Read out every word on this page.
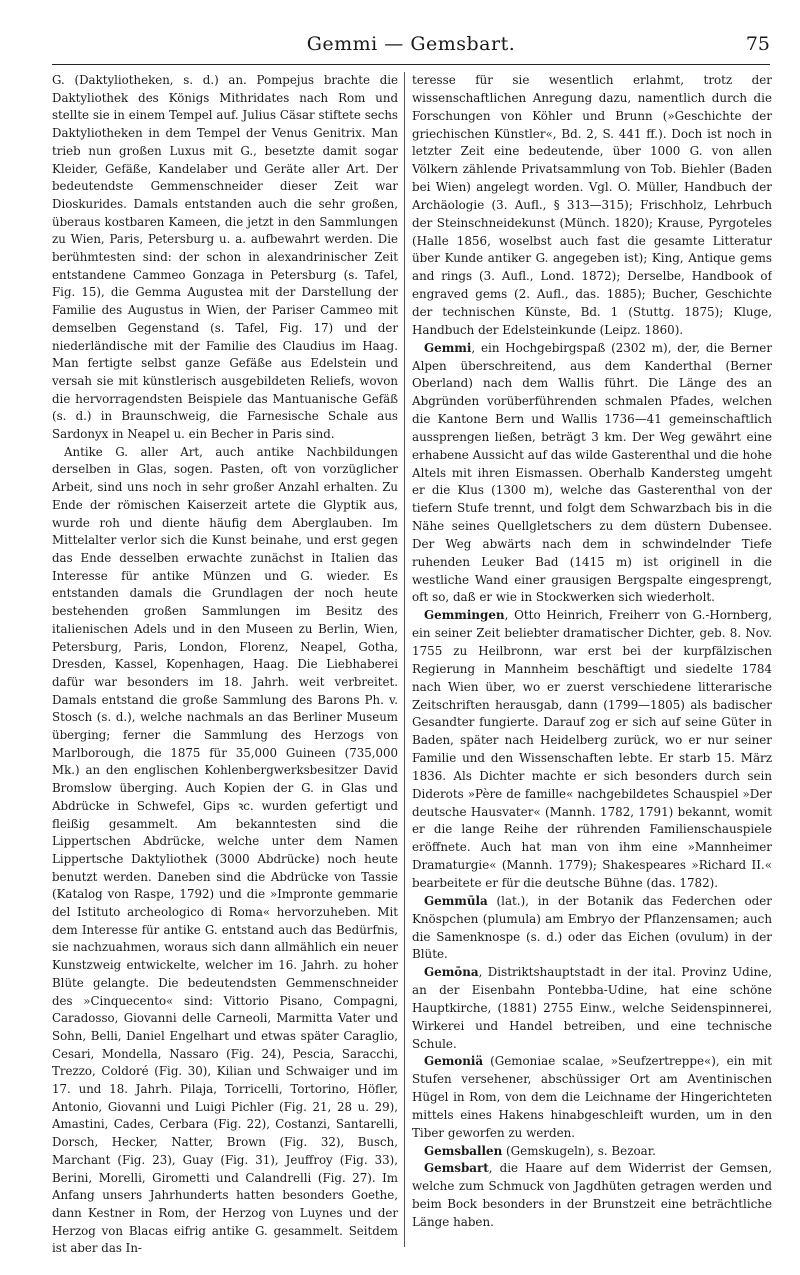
Gemmi — Gemsbart.	75

G. (Daktyliotheken, s. d.) an. Pompejus brachte die Daktyliothek des Königs Mithridates nach Rom und stellte sie in einem Tempel auf. Julius Cäsar stiftete sechs Daktyliotheken in dem Tempel der Venus Genitrix. Man trieb nun großen Luxus mit G., besetzte damit sogar Kleider, Gefäße, Kandelaber und Geräte aller Art. Der bedeutendste Gemmenschneider dieser Zeit war Dioskurides. Damals entstanden auch die sehr großen, überaus kostbaren Kameen, die jetzt in den Sammlungen zu Wien, Paris, Petersburg u. a. aufbewahrt werden. Die berühmtesten sind: der schon in alexandrinischer Zeit entstandene Cammeo Gonzaga in Petersburg (s. Tafel, Fig. 15), die Gemma Augustea mit der Darstellung der Familie des Augustus in Wien, der Pariser Cammeo mit demselben Gegenstand (s. Tafel, Fig. 17) und der niederländische mit der Familie des Claudius im Haag. Man fertigte selbst ganze Gefäße aus Edelstein und versah sie mit künstlerisch ausgebildeten Reliefs, wovon die hervorragendsten Beispiele das Mantuanische Gefäß (s. d.) in Braunschweig, die Farnesische Schale aus Sardonyx in Neapel u. ein Becher in Paris sind.

Antike G. aller Art, auch antike Nachbildungen derselben in Glas, sogen. Pasten, oft von vorzüglicher Arbeit, sind uns noch in sehr großer Anzahl erhalten. Zu Ende der römischen Kaiserzeit artete die Glyptik aus, wurde roh und diente häufig dem Aberglauben. Im Mittelalter verlor sich die Kunst beinahe, und erst gegen das Ende desselben erwachte zunächst in Italien das Interesse für antike Münzen und G. wieder. Es entstanden damals die Grundlagen der noch heute bestehenden großen Sammlungen im Besitz des italienischen Adels und in den Museen zu Berlin, Wien, Petersburg, Paris, London, Florenz, Neapel, Gotha, Dresden, Kassel, Kopenhagen, Haag. Die Liebhaberei dafür war besonders im 18. Jahrh. weit verbreitet. Damals entstand die große Sammlung des Barons Ph. v. Stosch (s. d.), welche nachmals an das Berliner Museum überging; ferner die Sammlung des Herzogs von Marlborough, die 1875 für 35,000 Guineen (735,000 Mk.) an den englischen Kohlenbergwerksbesitzer David Bromslow überging. Auch Kopien der G. in Glas und Abdrücke in Schwefel, Gips ꝛc. wurden gefertigt und fleißig gesammelt. Am bekanntesten sind die Lippertschen Abdrücke, welche unter dem Namen Lippertsche Daktyliothek (3000 Abdrücke) noch heute benutzt werden. Daneben sind die Abdrücke von Tassie (Katalog von Raspe, 1792) und die »Impronte gemmarie del Istituto archeologico di Roma« hervorzuheben. Mit dem Interesse für antike G. entstand auch das Bedürfnis, sie nachzuahmen, woraus sich dann allmählich ein neuer Kunstzweig entwickelte, welcher im 16. Jahrh. zu hoher Blüte gelangte. Die bedeutendsten Gemmenschneider des »Cinquecento« sind: Vittorio Pisano, Compagni, Caradosso, Giovanni delle Carneoli, Marmitta Vater und Sohn, Belli, Daniel Engelhart und etwas später Caraglio, Cesari, Mondella, Nassaro (Fig. 24), Pescia, Saracchi, Trezzo, Coldoré (Fig. 30), Kilian und Schwaiger und im 17. und 18. Jahrh. Pilaja, Torricelli, Tortorino, Höfler, Antonio, Giovanni und Luigi Pichler (Fig. 21, 28 u. 29), Amastini, Cades, Cerbara (Fig. 22), Costanzi, Santarelli, Dorsch, Hecker, Natter, Brown (Fig. 32), Busch, Marchant (Fig. 23), Guay (Fig. 31), Jeuffroy (Fig. 33), Berini, Morelli, Girometti und Calandrelli (Fig. 27). Im Anfang unsers Jahrhunderts hatten besonders Goethe, dann Kestner in Rom, der Herzog von Luynes und der Herzog von Blacas eifrig antike G. gesammelt. Seitdem ist aber das In-

teresse für sie wesentlich erlahmt, trotz der wissenschaftlichen Anregung dazu, namentlich durch die Forschungen von Köhler und Brunn (»Geschichte der griechischen Künstler«, Bd. 2, S. 441 ff.). Doch ist noch in letzter Zeit eine bedeutende, über 1000 G. von allen Völkern zählende Privatsammlung von Tob. Biehler (Baden bei Wien) angelegt worden. Vgl. O. Müller, Handbuch der Archäologie (3. Aufl., § 313—315); Frischholz, Lehrbuch der Steinschneidekunst (Münch. 1820); Krause, Pyrgoteles (Halle 1856, woselbst auch fast die gesamte Litteratur über Kunde antiker G. angegeben ist); King, Antique gems and rings (3. Aufl., Lond. 1872); Derselbe, Handbook of engraved gems (2. Aufl., das. 1885); Bucher, Geschichte der technischen Künste, Bd. 1 (Stuttg. 1875); Kluge, Handbuch der Edelsteinkunde (Leipz. 1860).

Gemmi, ein Hochgebirgspaß (2302 m), der, die Berner Alpen überschreitend, aus dem Kanderthal (Berner Oberland) nach dem Wallis führt. Die Länge des an Abgründen vorüberführenden schmalen Pfades, welchen die Kantone Bern und Wallis 1736—41 gemeinschaftlich aussprengen ließen, beträgt 3 km. Der Weg gewährt eine erhabene Aussicht auf das wilde Gasterenthal und die hohe Altels mit ihren Eismassen. Oberhalb Kandersteg umgeht er die Klus (1300 m), welche das Gasterenthal von der tiefern Stufe trennt, und folgt dem Schwarzbach bis in die Nähe seines Quellgletschers zu dem düstern Dubensee. Der Weg abwärts nach dem in schwindelnder Tiefe ruhenden Leuker Bad (1415 m) ist originell in die westliche Wand einer grausigen Bergspalte eingesprengt, oft so, daß er wie in Stockwerken sich wiederholt.

Gemmingen, Otto Heinrich, Freiherr von G.-Hornberg, ein seiner Zeit beliebter dramatischer Dichter, geb. 8. Nov. 1755 zu Heilbronn, war erst bei der kurpfälzischen Regierung in Mannheim beschäftigt und siedelte 1784 nach Wien über, wo er zuerst verschiedene litterarische Zeitschriften herausgab, dann (1799—1805) als badischer Gesandter fungierte. Darauf zog er sich auf seine Güter in Baden, später nach Heidelberg zurück, wo er nur seiner Familie und den Wissenschaften lebte. Er starb 15. März 1836. Als Dichter machte er sich besonders durch sein Diderots »Père de famille« nachgebildetes Schauspiel »Der deutsche Hausvater« (Mannh. 1782, 1791) bekannt, womit er die lange Reihe der rührenden Familienschauspiele eröffnete. Auch hat man von ihm eine »Mannheimer Dramaturgie« (Mannh. 1779); Shakespeares »Richard II.« bearbeitete er für die deutsche Bühne (das. 1782).

Gemmūla (lat.), in der Botanik das Federchen oder Knöspchen (plumula) am Embryo der Pflanzensamen; auch die Samenknospe (s. d.) oder das Eichen (ovulum) in der Blüte.

Gemōna, Distriktshauptstadt in der ital. Provinz Udine, an der Eisenbahn Pontebba-Udine, hat eine schöne Hauptkirche, (1881) 2755 Einw., welche Seidenspinnerei, Wirkerei und Handel betreiben, und eine technische Schule.

Gemoniä (Gemoniae scalae, »Seufzertreppe«), ein mit Stufen versehener, abschüssiger Ort am Aventinischen Hügel in Rom, von dem die Leichname der Hingerichteten mittels eines Hakens hinabgeschleift wurden, um in den Tiber geworfen zu werden.

Gemsballen (Gemskugeln), s. Bezoar.

Gemsbart, die Haare auf dem Widerrist der Gemsen, welche zum Schmuck von Jagdhüten getragen werden und beim Bock besonders in der Brunstzeit eine beträchtliche Länge haben.
